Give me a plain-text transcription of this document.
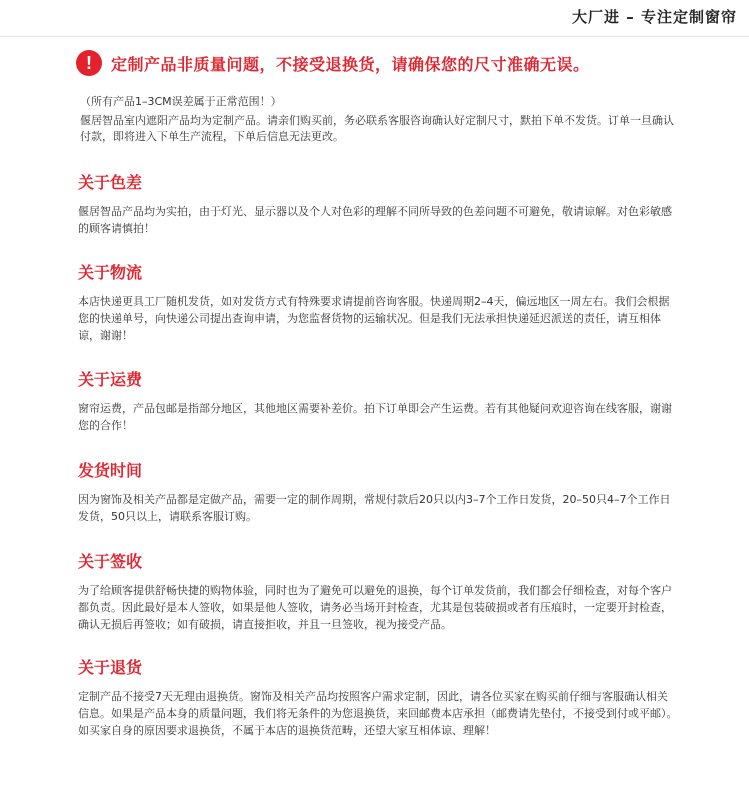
大厂进 – 专注定制窗帘
!	定制产品非质量问题，不接受退换货，请确保您的尺寸准确无误。
（所有产品1–3CM误差属于正常范围！）
偃居智品室内遮阳产品均为定制产品。请亲们购买前，务必联系客服咨询确认好定制尺寸，默拍下单不发货。订单一旦确认付款，即将进入下单生产流程，下单后信息无法更改。
关于色差

偃居智品产品均为实拍，由于灯光、显示器以及个人对色彩的理解不同所导致的色差问题不可避免，敬请谅解。对色彩敏感的顾客请慎拍！

关于物流

本店快递更具工厂随机发货，如对发货方式有特殊要求请提前咨询客服。快递周期2–4天，偏远地区一周左右。我们会根据您的快递单号，向快递公司提出查询申请，为您监督货物的运输状况。但是我们无法承担快递延迟派送的责任，请互相体谅，谢谢！

关于运费

窗帘运费，产品包邮是指部分地区，其他地区需要补差价。拍下订单即会产生运费。若有其他疑问欢迎咨询在线客服，谢谢您的合作！

发货时间

因为窗饰及相关产品都是定做产品，需要一定的制作周期，常规付款后20只以内3–7个工作日发货，20–50只4–7个工作日发货，50只以上，请联系客服订购。

关于签收

为了给顾客提供舒畅快捷的购物体验，同时也为了避免可以避免的退换，每个订单发货前，我们都会仔细检查，对每个客户都负责。因此最好是本人签收，如果是他人签收，请务必当场开封检查，尤其是包装破损或者有压痕时，一定要开封检查，确认无损后再签收；如有破损，请直接拒收，并且一旦签收，视为接受产品。

关于退货

定制产品不接受7天无理由退换货。窗饰及相关产品均按照客户需求定制，因此，请各位买家在购买前仔细与客服确认相关信息。如果是产品本身的质量问题，我们将无条件的为您退换货，来回邮费本店承担（邮费请先垫付，不接受到付或平邮）。如买家自身的原因要求退换货，不属于本店的退换货范畴，还望大家互相体谅、理解！
